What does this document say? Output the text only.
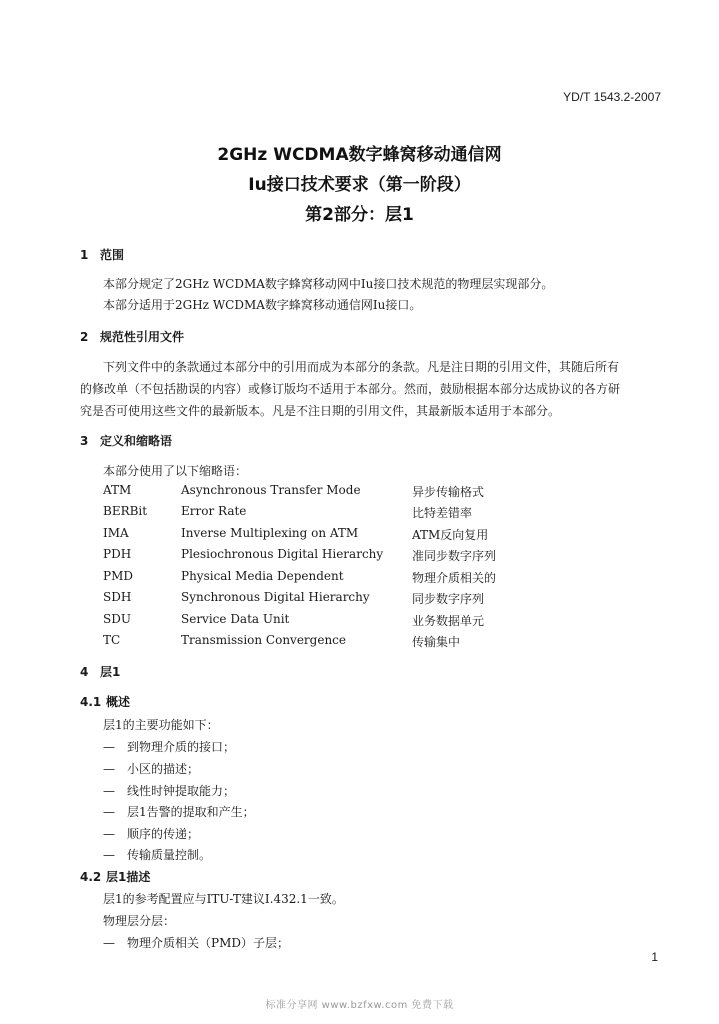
YD/T 1543.2-2007
2GHz WCDMA数字蜂窝移动通信网
Iu接口技术要求（第一阶段）
第2部分：层1
1 范围
本部分规定了2GHz WCDMA数字蜂窝移动网中Iu接口技术规范的物理层实现部分。
本部分适用于2GHz WCDMA数字蜂窝移动通信网Iu接口。
2 规范性引用文件
下列文件中的条款通过本部分中的引用而成为本部分的条款。凡是注日期的引用文件，其随后所有
的修改单（不包括勘误的内容）或修订版均不适用于本部分。然而，鼓励根据本部分达成协议的各方研
究是否可使用这些文件的最新版本。凡是不注日期的引用文件，其最新版本适用于本部分。
3 定义和缩略语
本部分使用了以下缩略语：
ATM	Asynchronous Transfer Mode	异步传输格式
BERBit	Error Rate	比特差错率
IMA	Inverse Multiplexing on ATM	ATM反向复用
PDH	Plesiochronous Digital Hierarchy 准同步数字序列
PMD	Physical Media Dependent	物理介质相关的
SDH	Synchronous Digital Hierarchy	同步数字序列
SDU	Service Data Unit	业务数据单元
TC	Transmission Convergence	传输集中
4 层1
4.1 概述
层1的主要功能如下：
— 到物理介质的接口；
— 小区的描述；
— 线性时钟提取能力；
— 层1告警的提取和产生；
— 顺序的传递；
— 传输质量控制。
4.2 层1描述
层1的参考配置应与ITU-T建议I.432.1一致。
物理层分层：
— 物理介质相关（PMD）子层；
1
标准分享网 www.bzfxw.com 免费下载
